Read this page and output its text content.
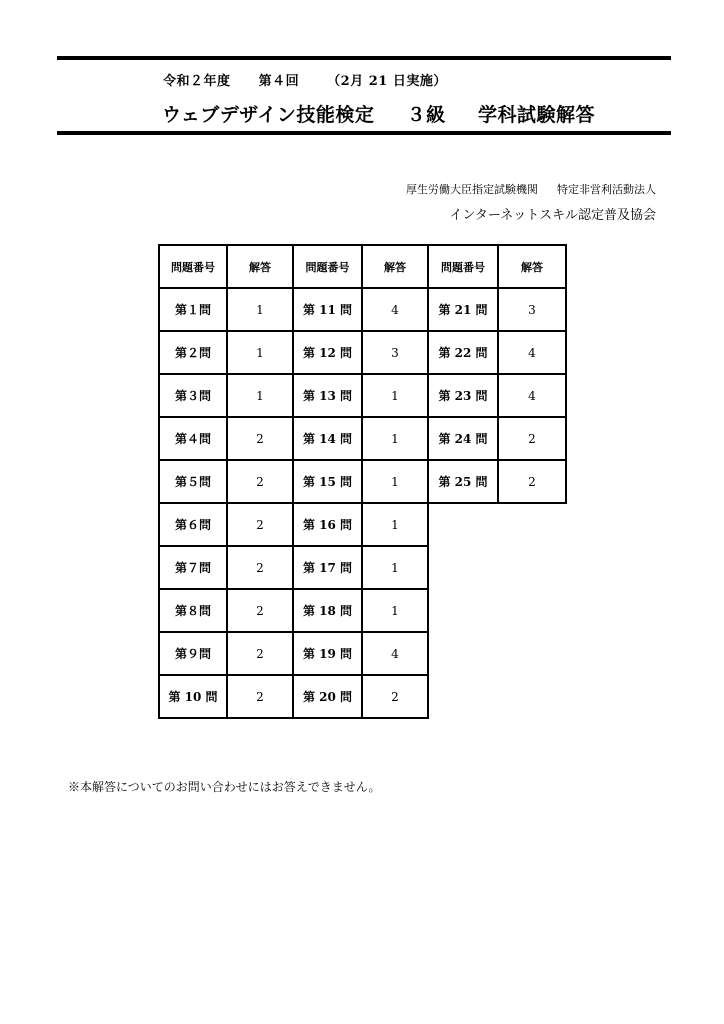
令和２年度 第４回 （2月 21 日実施）
ウェブデザイン技能検定 ３級 学科試験解答
厚生労働大臣指定試験機関 特定非営利活動法人
インターネットスキル認定普及協会
問題番号	解答	問題番号	解答	問題番号	解答
第１問	1	第 11 問	4	第 21 問	3
第２問	1	第 12 問	3	第 22 問	4
第３問	1	第 13 問	1	第 23 問	4
第４問	2	第 14 問	1	第 24 問	2
第５問	2	第 15 問	1	第 25 問	2
第６問	2	第 16 問	1		
第７問	2	第 17 問	1		
第８問	2	第 18 問	1		
第９問	2	第 19 問	4		
第 10 問	2	第 20 問	2		
※本解答についてのお問い合わせにはお答えできません。
